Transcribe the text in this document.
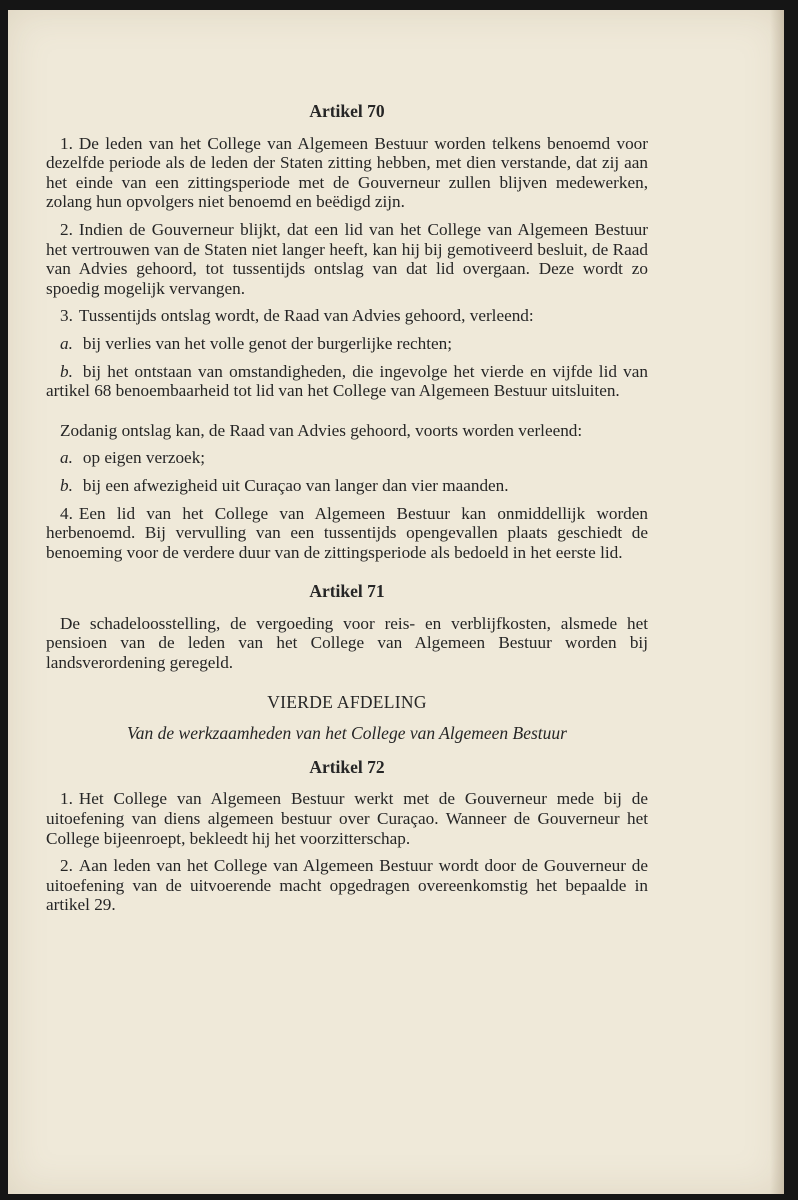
Artikel 70

1. De leden van het College van Algemeen Bestuur worden telkens benoemd voor dezelfde periode als de leden der Staten zitting hebben, met dien verstande, dat zij aan het einde van een zittingsperiode met de Gouverneur zullen blijven medewerken, zolang hun opvolgers niet benoemd en beëdigd zijn.

2. Indien de Gouverneur blijkt, dat een lid van het College van Algemeen Bestuur het vertrouwen van de Staten niet langer heeft, kan hij bij gemotiveerd besluit, de Raad van Advies gehoord, tot tussentijds ontslag van dat lid overgaan. Deze wordt zo spoedig mogelijk vervangen.

3. Tussentijds ontslag wordt, de Raad van Advies gehoord, verleend:

a. bij verlies van het volle genot der burgerlijke rechten;

b. bij het ontstaan van omstandigheden, die ingevolge het vierde en vijfde lid van artikel 68 benoembaarheid tot lid van het College van Algemeen Bestuur uitsluiten.

Zodanig ontslag kan, de Raad van Advies gehoord, voorts worden verleend:

a. op eigen verzoek;

b. bij een afwezigheid uit Curaçao van langer dan vier maanden.

4. Een lid van het College van Algemeen Bestuur kan onmiddellijk worden herbenoemd. Bij vervulling van een tussentijds opengevallen plaats geschiedt de benoeming voor de verdere duur van de zittingsperiode als bedoeld in het eerste lid.

Artikel 71

De schadeloosstelling, de vergoeding voor reis- en verblijfkosten, alsmede het pensioen van de leden van het College van Algemeen Bestuur worden bij landsverordening geregeld.

VIERDE AFDELING
Van de werkzaamheden van het College van Algemeen Bestuur
Artikel 72

1. Het College van Algemeen Bestuur werkt met de Gouverneur mede bij de uitoefening van diens algemeen bestuur over Curaçao. Wanneer de Gouverneur het College bijeenroept, bekleedt hij het voorzitterschap.

2. Aan leden van het College van Algemeen Bestuur wordt door de Gouverneur de uitoefening van de uitvoerende macht opgedragen overeenkomstig het bepaalde in artikel 29.
